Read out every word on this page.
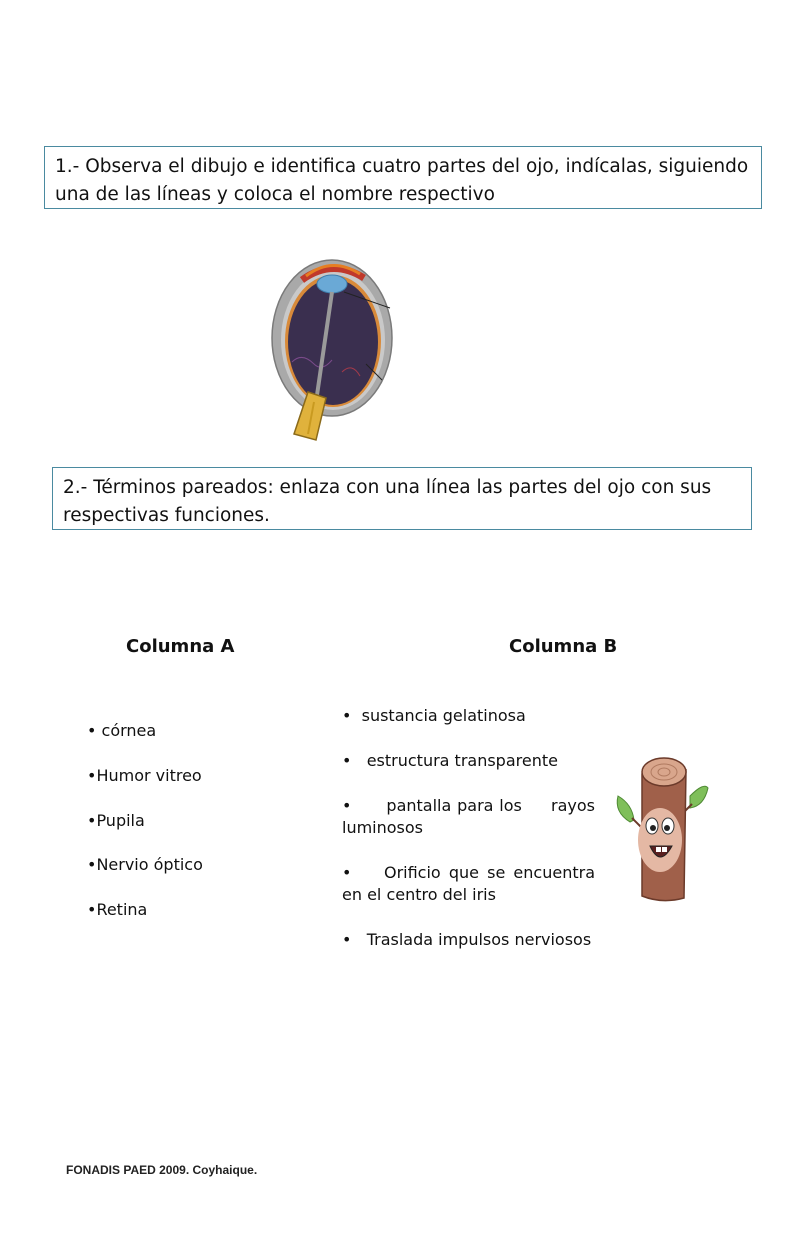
1.- Observa el dibujo e identifica cuatro partes del ojo, indícalas, siguiendo una de las líneas y coloca el nombre respectivo
2.- Términos pareados: enlaza con una línea las partes del ojo con sus respectivas funciones.
Columna A	Columna B
• córnea
•Humor vitreo
•Pupila
•Nervio óptico
•Retina
•  sustancia gelatinosa
•   estructura transparente
•      pantalla para los     rayos luminosos
•    Orificio que se encuentra en el centro del iris
•   Traslada impulsos nerviosos
FONADIS PAED 2009. Coyhaique.
